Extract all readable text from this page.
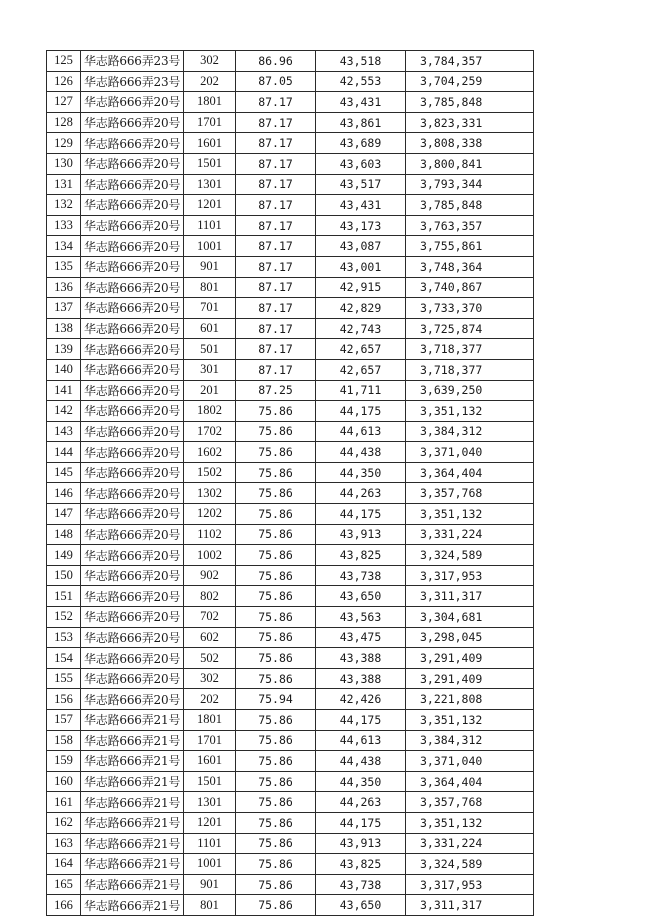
125	华志路666弄23号	302	86.96	43,518	3,784,357
126	华志路666弄23号	202	87.05	42,553	3,704,259
127	华志路666弄20号	1801	87.17	43,431	3,785,848
128	华志路666弄20号	1701	87.17	43,861	3,823,331
129	华志路666弄20号	1601	87.17	43,689	3,808,338
130	华志路666弄20号	1501	87.17	43,603	3,800,841
131	华志路666弄20号	1301	87.17	43,517	3,793,344
132	华志路666弄20号	1201	87.17	43,431	3,785,848
133	华志路666弄20号	1101	87.17	43,173	3,763,357
134	华志路666弄20号	1001	87.17	43,087	3,755,861
135	华志路666弄20号	901	87.17	43,001	3,748,364
136	华志路666弄20号	801	87.17	42,915	3,740,867
137	华志路666弄20号	701	87.17	42,829	3,733,370
138	华志路666弄20号	601	87.17	42,743	3,725,874
139	华志路666弄20号	501	87.17	42,657	3,718,377
140	华志路666弄20号	301	87.17	42,657	3,718,377
141	华志路666弄20号	201	87.25	41,711	3,639,250
142	华志路666弄20号	1802	75.86	44,175	3,351,132
143	华志路666弄20号	1702	75.86	44,613	3,384,312
144	华志路666弄20号	1602	75.86	44,438	3,371,040
145	华志路666弄20号	1502	75.86	44,350	3,364,404
146	华志路666弄20号	1302	75.86	44,263	3,357,768
147	华志路666弄20号	1202	75.86	44,175	3,351,132
148	华志路666弄20号	1102	75.86	43,913	3,331,224
149	华志路666弄20号	1002	75.86	43,825	3,324,589
150	华志路666弄20号	902	75.86	43,738	3,317,953
151	华志路666弄20号	802	75.86	43,650	3,311,317
152	华志路666弄20号	702	75.86	43,563	3,304,681
153	华志路666弄20号	602	75.86	43,475	3,298,045
154	华志路666弄20号	502	75.86	43,388	3,291,409
155	华志路666弄20号	302	75.86	43,388	3,291,409
156	华志路666弄20号	202	75.94	42,426	3,221,808
157	华志路666弄21号	1801	75.86	44,175	3,351,132
158	华志路666弄21号	1701	75.86	44,613	3,384,312
159	华志路666弄21号	1601	75.86	44,438	3,371,040
160	华志路666弄21号	1501	75.86	44,350	3,364,404
161	华志路666弄21号	1301	75.86	44,263	3,357,768
162	华志路666弄21号	1201	75.86	44,175	3,351,132
163	华志路666弄21号	1101	75.86	43,913	3,331,224
164	华志路666弄21号	1001	75.86	43,825	3,324,589
165	华志路666弄21号	901	75.86	43,738	3,317,953
166	华志路666弄21号	801	75.86	43,650	3,311,317
